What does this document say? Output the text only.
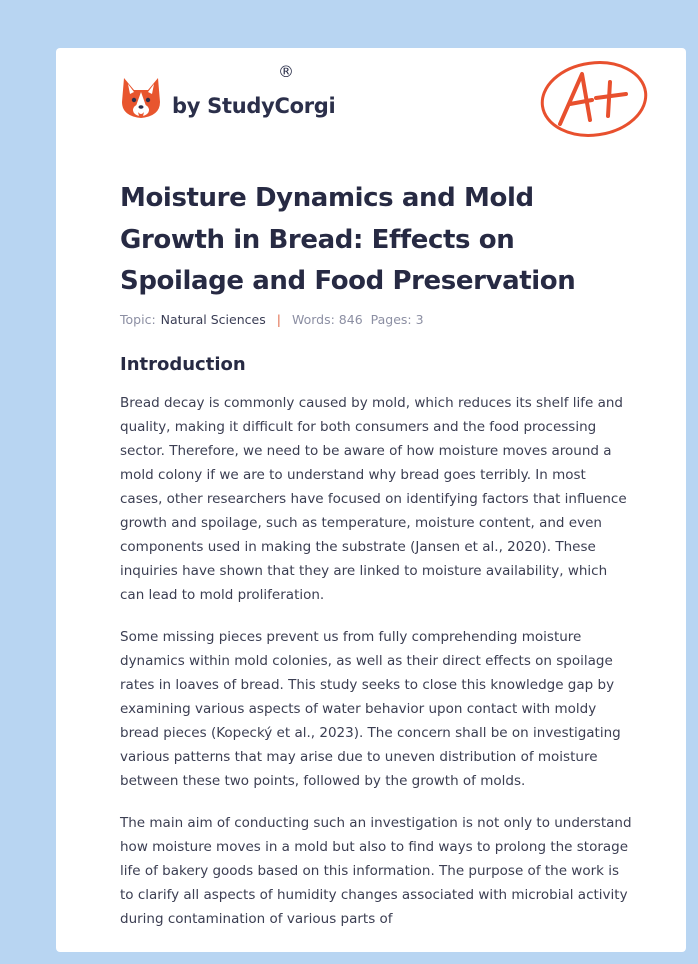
by StudyCorgi
®
Moisture Dynamics and Mold Growth in Bread: Effects on Spoilage and Food Preservation
Topic: Natural Sciences | Words: 846 Pages: 3
Introduction

Bread decay is commonly caused by mold, which reduces its shelf life and quality, making it difficult for both consumers and the food processing sector. Therefore, we need to be aware of how moisture moves around a mold colony if we are to understand why bread goes terribly. In most cases, other researchers have focused on identifying factors that influence growth and spoilage, such as temperature, moisture content, and even components used in making the substrate (Jansen et al., 2020). These inquiries have shown that they are linked to moisture availability, which can lead to mold proliferation.

Some missing pieces prevent us from fully comprehending moisture dynamics within mold colonies, as well as their direct effects on spoilage rates in loaves of bread. This study seeks to close this knowledge gap by examining various aspects of water behavior upon contact with moldy bread pieces (Kopecký et al., 2023). The concern shall be on investigating various patterns that may arise due to uneven distribution of moisture between these two points, followed by the growth of molds.

The main aim of conducting such an investigation is not only to understand how moisture moves in a mold but also to find ways to prolong the storage life of bakery goods based on this information. The purpose of the work is to clarify all aspects of humidity changes associated with microbial activity during contamination of various parts of
